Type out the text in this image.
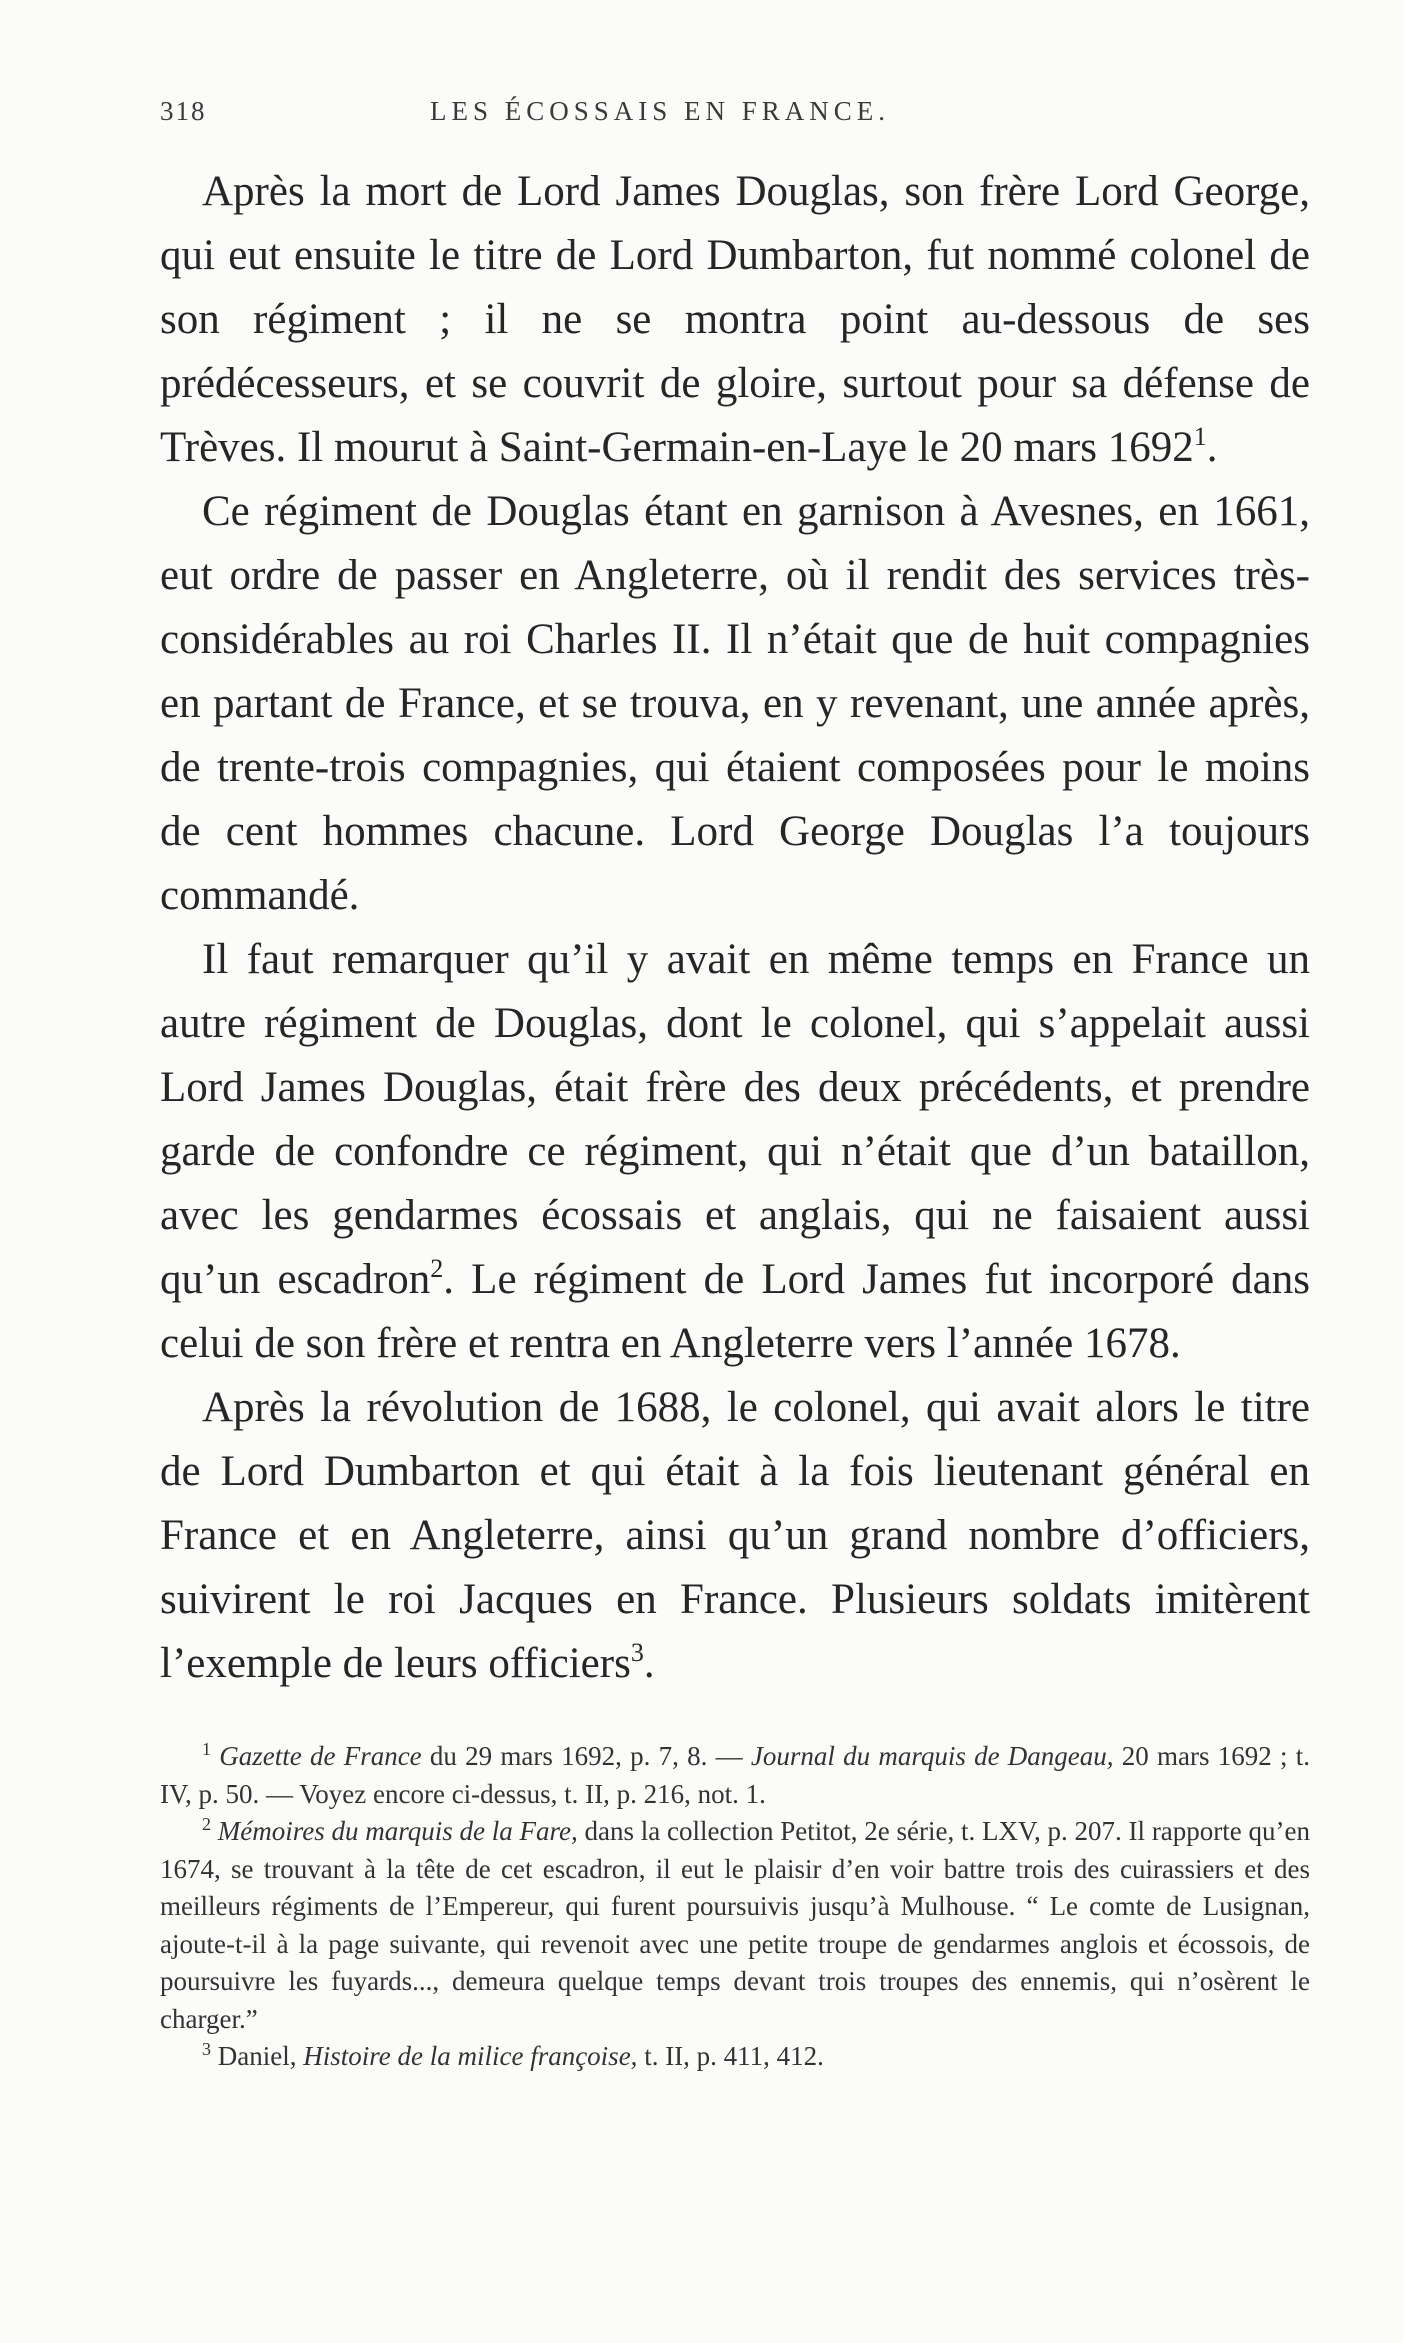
318	LES ÉCOSSAIS EN FRANCE.

Après la mort de Lord James Douglas, son frère Lord George, qui eut ensuite le titre de Lord Dumbarton, fut nommé colonel de son régiment ; il ne se montra point au-dessous de ses prédécesseurs, et se couvrit de gloire, surtout pour sa défense de Trèves. Il mourut à Saint-Germain-en-Laye le 20 mars 1692$^1$.

Ce régiment de Douglas étant en garnison à Avesnes, en 1661, eut ordre de passer en Angleterre, où il rendit des services très-considérables au roi Charles II. Il n’était que de huit compagnies en partant de France, et se trouva, en y revenant, une année après, de trente-trois compagnies, qui étaient composées pour le moins de cent hommes chacune. Lord George Douglas l’a toujours commandé.

Il faut remarquer qu’il y avait en même temps en France un autre régiment de Douglas, dont le colonel, qui s’appelait aussi Lord James Douglas, était frère des deux précédents, et prendre garde de confondre ce régiment, qui n’était que d’un bataillon, avec les gendarmes écossais et anglais, qui ne faisaient aussi qu’un escadron$^2$. Le régiment de Lord James fut incorporé dans celui de son frère et rentra en Angleterre vers l’année 1678.

Après la révolution de 1688, le colonel, qui avait alors le titre de Lord Dumbarton et qui était à la fois lieutenant général en France et en Angleterre, ainsi qu’un grand nombre d’officiers, suivirent le roi Jacques en France. Plusieurs soldats imitèrent l’exemple de leurs officiers$^3$.

$^1$ Gazette de France du 29 mars 1692, p. 7, 8. — Journal du marquis de Dangeau, 20 mars 1692 ; t. IV, p. 50. — Voyez encore ci-dessus, t. II, p. 216, not. 1.

$^2$ Mémoires du marquis de la Fare, dans la collection Petitot, 2e série, t. LXV, p. 207. Il rapporte qu’en 1674, se trouvant à la tête de cet escadron, il eut le plaisir d’en voir battre trois des cuirassiers et des meilleurs régiments de l’Empereur, qui furent poursuivis jusqu’à Mulhouse. “ Le comte de Lusignan, ajoute-t-il à la page suivante, qui revenoit avec une petite troupe de gendarmes anglois et écossois, de poursuivre les fuyards..., demeura quelque temps devant trois troupes des ennemis, qui n’osèrent le charger.”

$^3$ Daniel, Histoire de la milice françoise, t. II, p. 411, 412.
